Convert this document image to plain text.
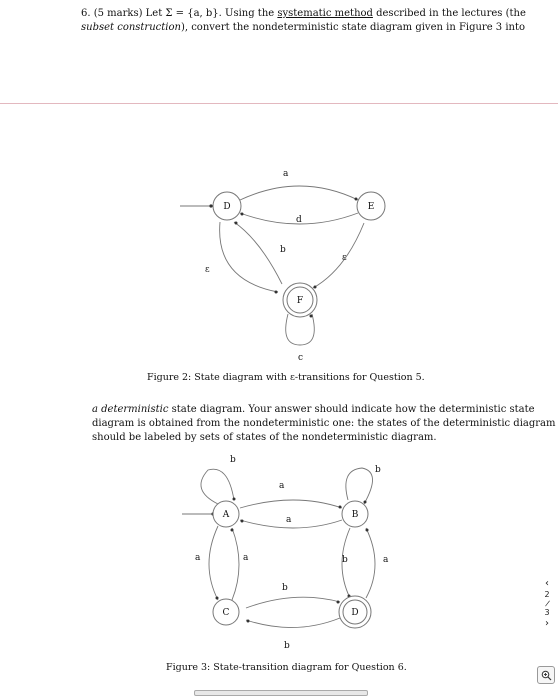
6. (5 marks) Let Σ = {a, b}. Using the systematic method described in the lectures (the
subset construction), convert the nondeterministic state diagram given in Figure 3 into
a
d
ε
b
ε
c
D	E
F
Figure 2: State diagram with ε-transitions for Question 5.
a deterministic state diagram. Your answer should indicate how the deterministic state
diagram is obtained from the nondeterministic one: the states of the deterministic diagram
should be labeled by sets of states of the nondeterministic diagram.
b
b
a
a
a	a	b	a
b
b
A	B
C	D
Figure 3: State-transition diagram for Question 6.
‹
2
/
3
›
